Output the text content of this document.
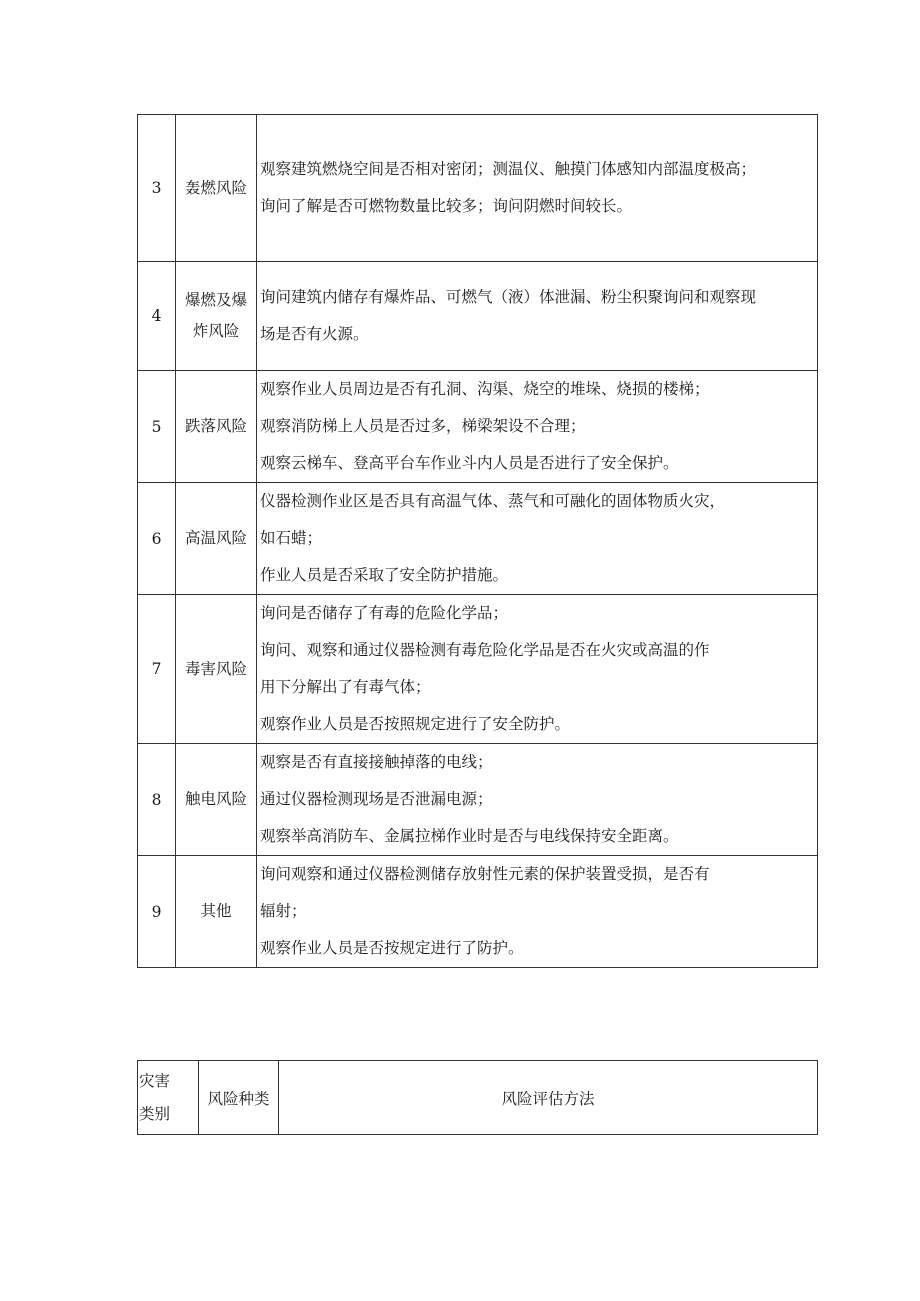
3	轰燃风险	观察建筑燃烧空间是否相对密闭；测温仪、触摸门体感知内部温度极高；
询问了解是否可燃物数量比较多；询问阴燃时间较长。

4	爆燃及爆
炸风险	询问建筑内储存有爆炸品、可燃气（液）体泄漏、粉尘积聚询问和观察现
场是否有火源。

5	跌落风险	观察作业人员周边是否有孔洞、沟渠、烧空的堆垛、烧损的楼梯；
观察消防梯上人员是否过多，梯梁架设不合理；
观察云梯车、登高平台车作业斗内人员是否进行了安全保护。

6	高温风险	仪器检测作业区是否具有高温气体、蒸气和可融化的固体物质火灾，
如石蜡；
作业人员是否采取了安全防护措施。

7	毒害风险	询问是否储存了有毒的危险化学品；
询问、观察和通过仪器检测有毒危险化学品是否在火灾或高温的作
用下分解出了有毒气体；
观察作业人员是否按照规定进行了安全防护。

8	触电风险	观察是否有直接接触掉落的电线；
通过仪器检测现场是否泄漏电源；
观察举高消防车、金属拉梯作业时是否与电线保持安全距离。

9	其他	询问观察和通过仪器检测储存放射性元素的保护装置受损，是否有
辐射；
观察作业人员是否按规定进行了防护。
灾害
类别
	风险种类	风险评估方法
